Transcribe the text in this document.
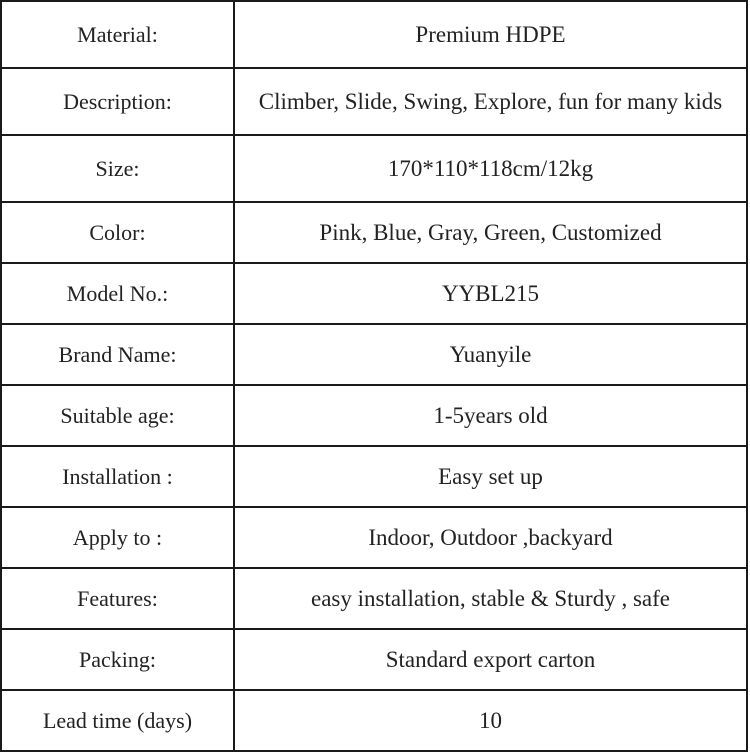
Material:	Premium HDPE
Description:	Climber, Slide, Swing, Explore, fun for many kids
Size:	170*110*118cm/12kg
Color:	Pink, Blue, Gray, Green, Customized
Model No.:	YYBL215
Brand Name:	Yuanyile
Suitable age:	1-5years old
Installation :	Easy set up
Apply to :	Indoor, Outdoor ,backyard
Features:	easy installation, stable & Sturdy , safe
Packing:	Standard export carton
Lead time (days)	10
